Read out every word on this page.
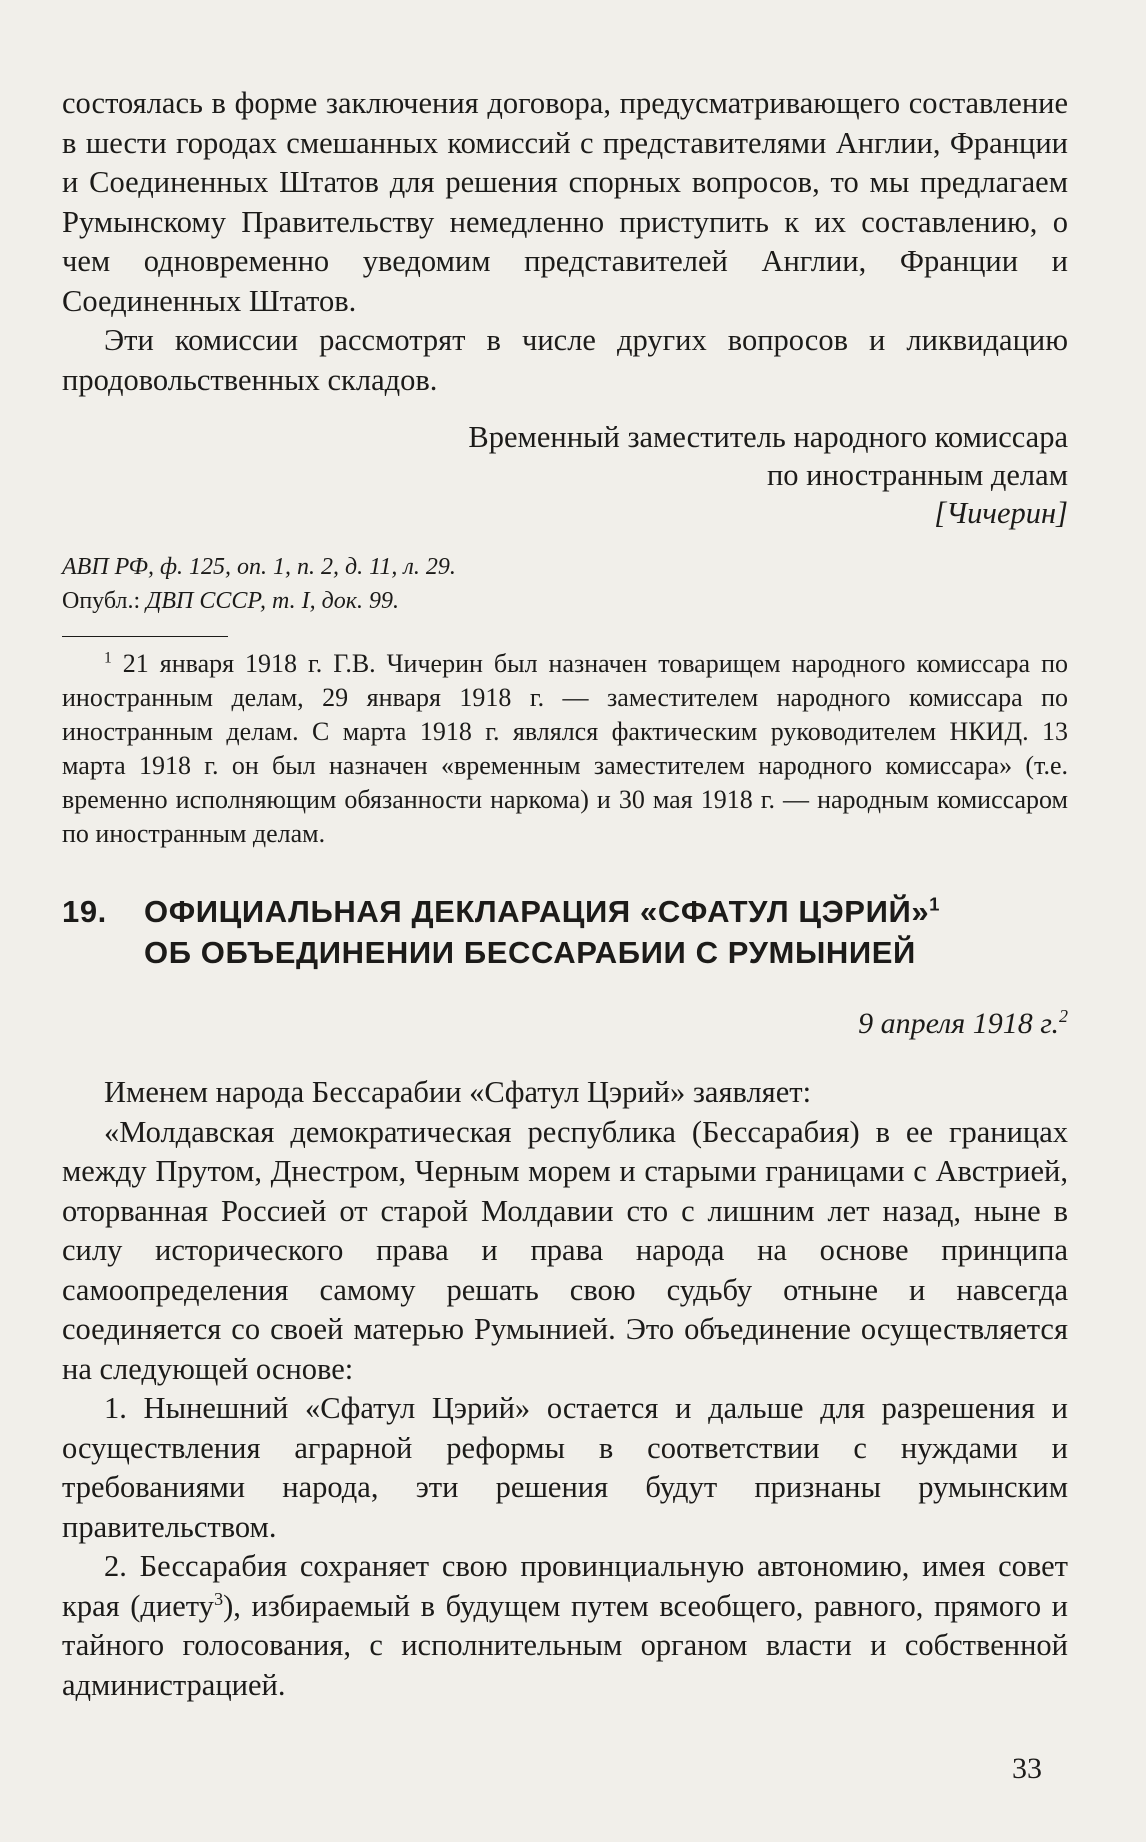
состоялась в форме заключения договора, предусматривающего составление в шести городах смешанных комиссий с представителями Англии, Франции и Соединенных Штатов для решения спорных вопросов, то мы предлагаем Румынскому Правительству немедленно приступить к их составлению, о чем одновременно уведомим представителей Англии, Франции и Соединенных Штатов.

Эти комиссии рассмотрят в числе других вопросов и ликвидацию продовольственных складов.

Временный заместитель народного комиссара
по иностранным делам
[Чичерин]
АВП РФ, ф. 125, оп. 1, п. 2, д. 11, л. 29.
Опубл.: ДВП СССР, т. I, док. 99.

$^1$ 21 января 1918 г. Г.В. Чичерин был назначен товарищем народного комиссара по иностранным делам, 29 января 1918 г. — заместителем народного комиссара по иностранным делам. С марта 1918 г. являлся фактическим руководителем НКИД. 13 марта 1918 г. он был назначен «временным заместителем народного комиссара» (т.е. временно исполняющим обязанности наркома) и 30 мая 1918 г. — народным комиссаром по иностранным делам.

19.	ОФИЦИАЛЬНАЯ ДЕКЛАРАЦИЯ «СФАТУЛ ЦЭРИЙ»$^1$
ОБ ОБЪЕДИНЕНИИ БЕССАРАБИИ С РУМЫНИЕЙ
9 апреля 1918 г.$^2$

Именем народа Бессарабии «Сфатул Цэрий» заявляет:

«Молдавская демократическая республика (Бессарабия) в ее границах между Прутом, Днестром, Черным морем и старыми границами с Австрией, оторванная Россией от старой Молдавии сто с лишним лет назад, ныне в силу исторического права и права народа на основе принципа самоопределения самому решать свою судьбу отныне и навсегда соединяется со своей матерью Румынией. Это объединение осуществляется на следующей основе:

1. Нынешний «Сфатул Цэрий» остается и дальше для разрешения и осуществления аграрной реформы в соответствии с нуждами и требованиями народа, эти решения будут признаны румынским правительством.

2. Бессарабия сохраняет свою провинциальную автономию, имея совет края (диету$^3$), избираемый в будущем путем всеобщего, равного, прямого и тайного голосования, с исполнительным органом власти и собственной администрацией.

33
